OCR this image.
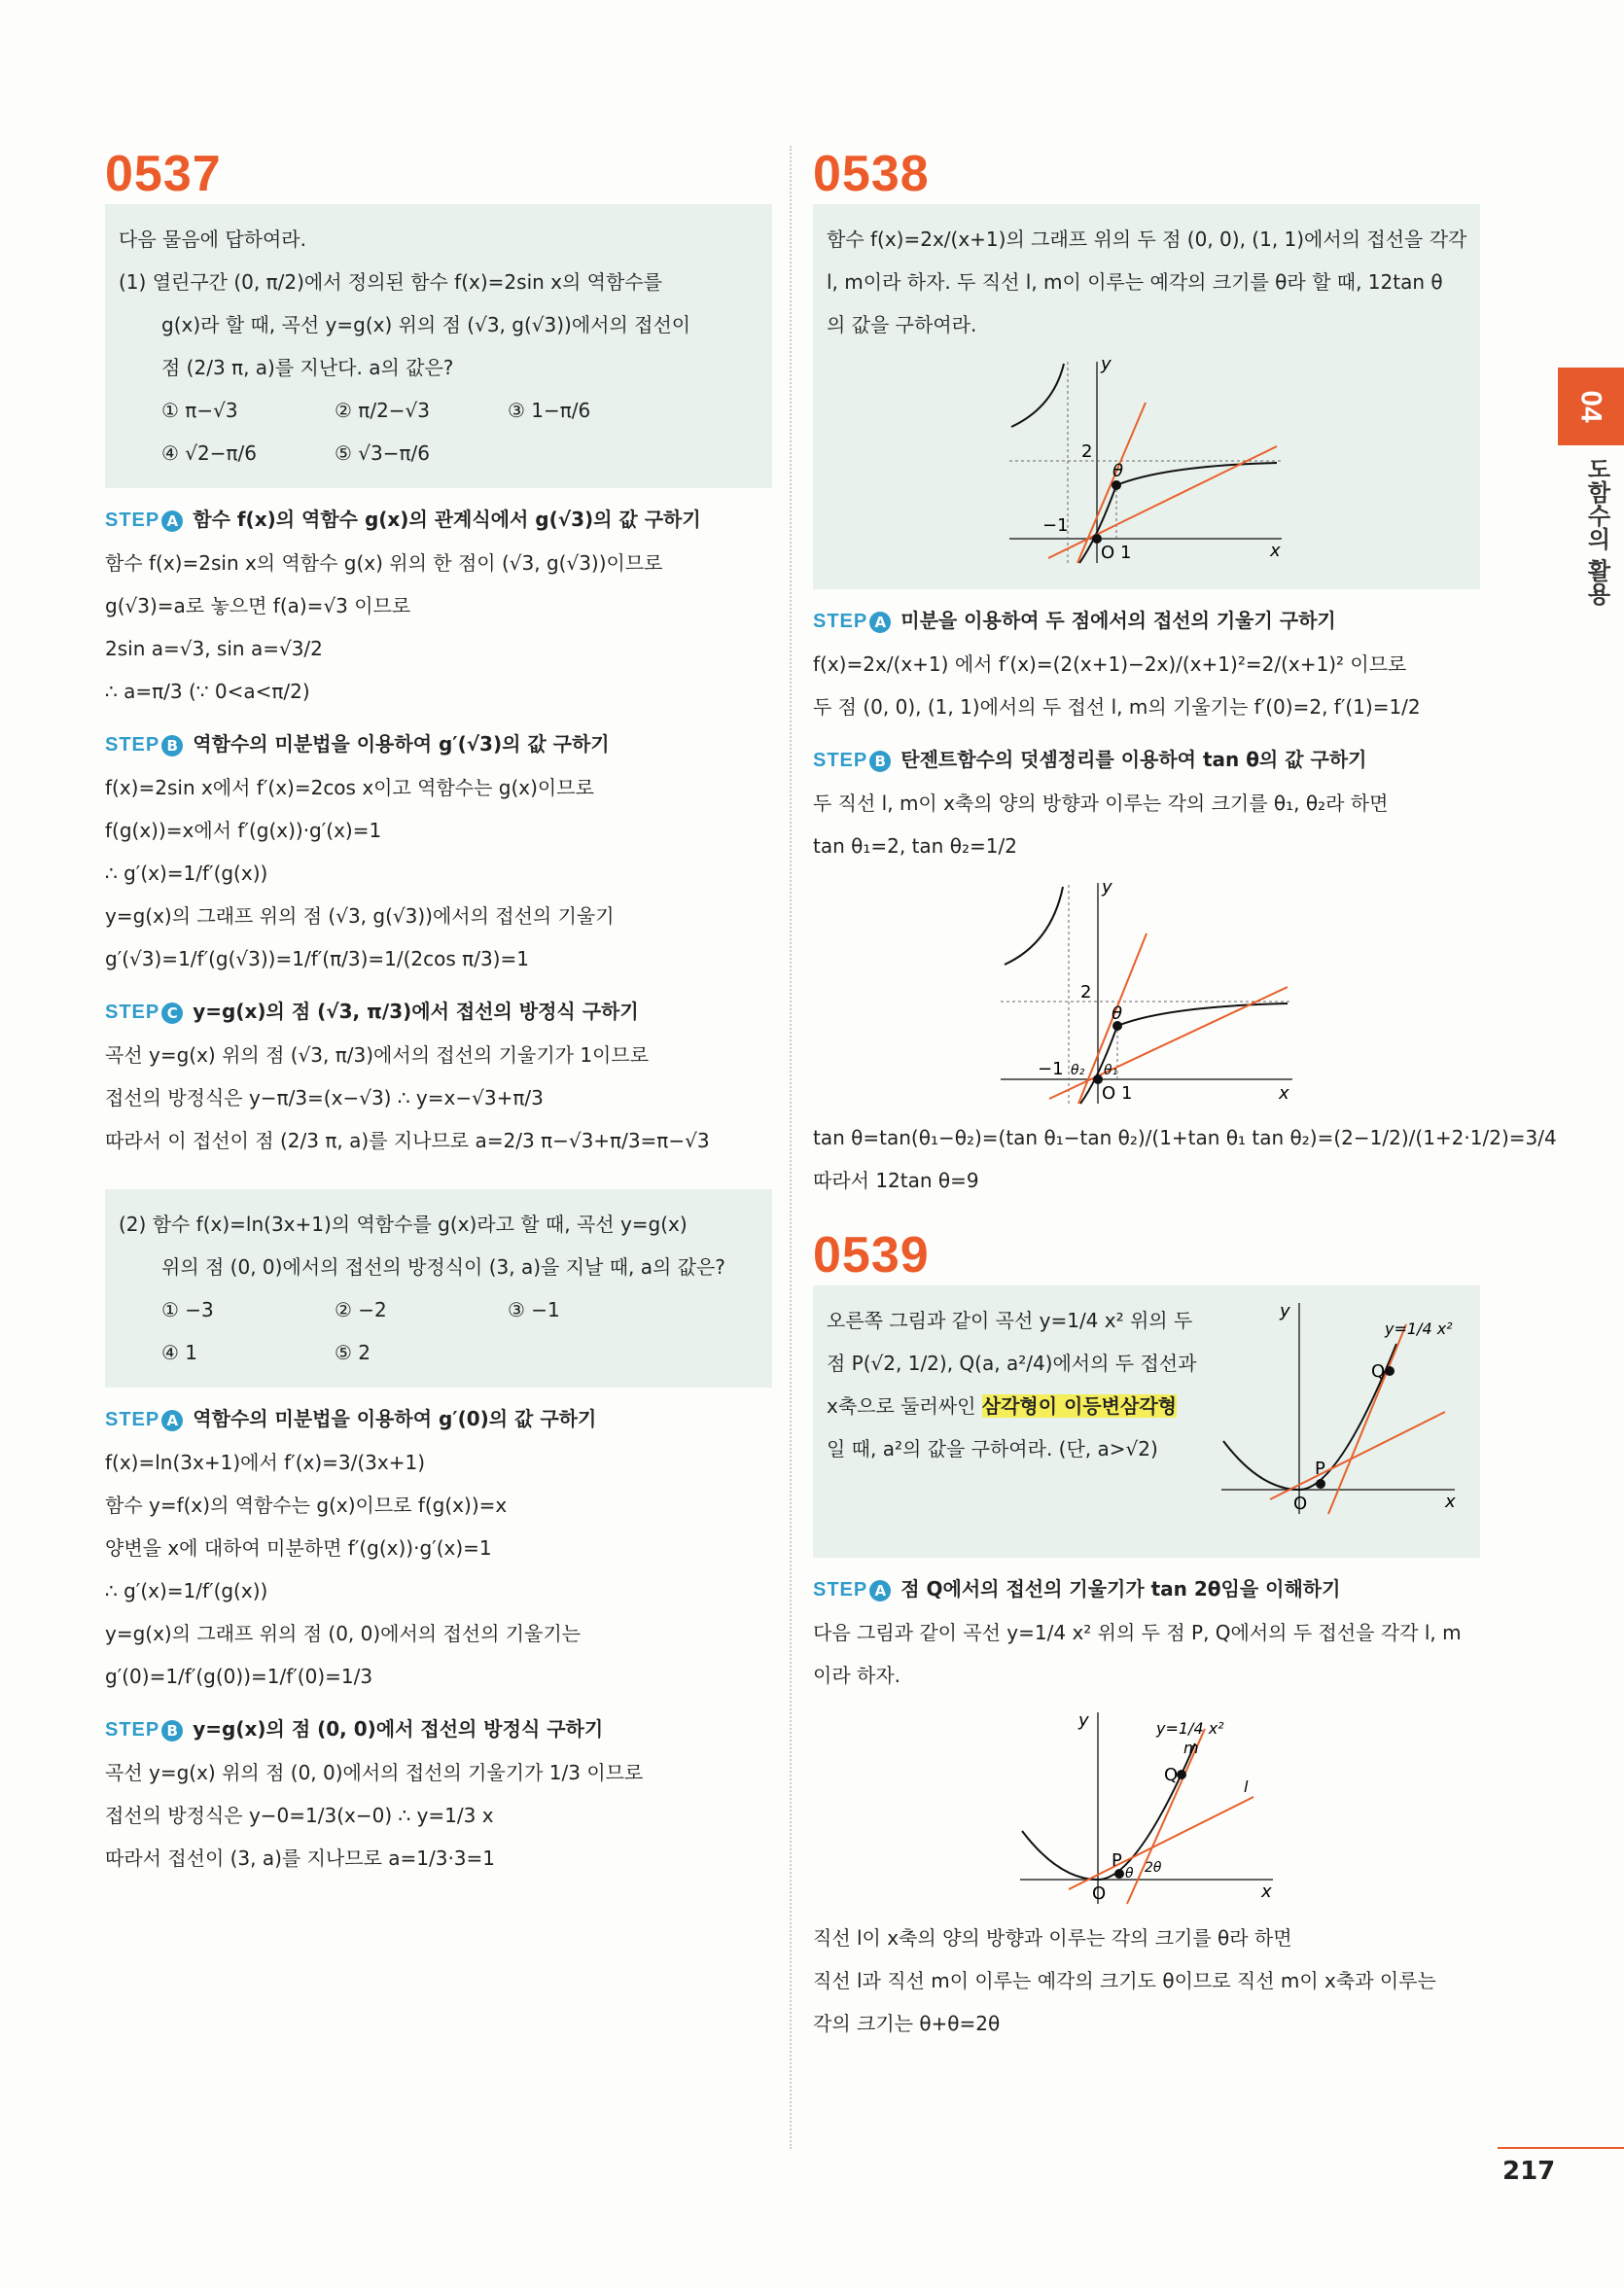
0537
다음 물음에 답하여라.
(1) 열린구간 (0, π/2)에서 정의된 함수 f(x)=2sin x의 역함수를
g(x)라 할 때, 곡선 y=g(x) 위의 점 (√3, g(√3))에서의 접선이
점 (2/3 π, a)를 지난다. a의 값은?
① π−√3	② π/2−√3	③ 1−π/6
④ √2−π/6	⑤ √3−π/6
STEP A 함수 f(x)의 역함수 g(x)의 관계식에서 g(√3)의 값 구하기
함수 f(x)=2sin x의 역함수 g(x) 위의 한 점이 (√3, g(√3))이므로
g(√3)=a로 놓으면 f(a)=√3 이므로
2sin a=√3, sin a=√3/2
∴ a=π/3 (∵ 0<a<π/2)
STEP B 역함수의 미분법을 이용하여 g′(√3)의 값 구하기
f(x)=2sin x에서 f′(x)=2cos x이고 역함수는 g(x)이므로
f(g(x))=x에서 f′(g(x))·g′(x)=1
∴ g′(x)=1/f′(g(x))
y=g(x)의 그래프 위의 점 (√3, g(√3))에서의 접선의 기울기
g′(√3)=1/f′(g(√3))=1/f′(π/3)=1/(2cos π/3)=1
STEP C y=g(x)의 점 (√3, π/3)에서 접선의 방정식 구하기
곡선 y=g(x) 위의 점 (√3, π/3)에서의 접선의 기울기가 1이므로
접선의 방정식은 y−π/3=(x−√3) ∴ y=x−√3+π/3
따라서 이 접선이 점 (2/3 π, a)를 지나므로 a=2/3 π−√3+π/3=π−√3
(2) 함수 f(x)=ln(3x+1)의 역함수를 g(x)라고 할 때, 곡선 y=g(x)
위의 점 (0, 0)에서의 접선의 방정식이 (3, a)을 지날 때, a의 값은?
① −3	② −2	③ −1
④ 1	⑤ 2
STEP A 역함수의 미분법을 이용하여 g′(0)의 값 구하기
f(x)=ln(3x+1)에서 f′(x)=3/(3x+1)
함수 y=f(x)의 역함수는 g(x)이므로 f(g(x))=x
양변을 x에 대하여 미분하면 f′(g(x))·g′(x)=1
∴ g′(x)=1/f′(g(x))
y=g(x)의 그래프 위의 점 (0, 0)에서의 접선의 기울기는
g′(0)=1/f′(g(0))=1/f′(0)=1/3
STEP B y=g(x)의 점 (0, 0)에서 접선의 방정식 구하기
곡선 y=g(x) 위의 점 (0, 0)에서의 접선의 기울기가 1/3 이므로
접선의 방정식은 y−0=1/3(x−0) ∴ y=1/3 x
따라서 접선이 (3, a)를 지나므로 a=1/3·3=1
0538
함수 f(x)=2x/(x+1)의 그래프 위의 두 점 (0, 0), (1, 1)에서의 접선을 각각
l, m이라 하자. 두 직선 l, m이 이루는 예각의 크기를 θ라 할 때, 12tan θ
의 값을 구하여라.
y
x
O 1
−1
2
θ
STEP A 미분을 이용하여 두 점에서의 접선의 기울기 구하기
f(x)=2x/(x+1) 에서 f′(x)=(2(x+1)−2x)/(x+1)²=2/(x+1)² 이므로
두 점 (0, 0), (1, 1)에서의 두 접선 l, m의 기울기는 f′(0)=2, f′(1)=1/2
STEP B 탄젠트함수의 덧셈정리를 이용하여 tan θ의 값 구하기
두 직선 l, m이 x축의 양의 방향과 이루는 각의 크기를 θ₁, θ₂라 하면
tan θ₁=2, tan θ₂=1/2
y
x
O 1
−1
2
θ
θ₂ θ₁
tan θ=tan(θ₁−θ₂)=(tan θ₁−tan θ₂)/(1+tan θ₁ tan θ₂)=(2−1/2)/(1+2·1/2)=3/4
따라서 12tan θ=9
0539
오른쪽 그림과 같이 곡선 y=1/4 x² 위의 두
점 P(√2, 1/2), Q(a, a²/4)에서의 두 접선과
x축으로 둘러싸인 삼각형이 이등변삼각형
일 때, a²의 값을 구하여라. (단, a>√2)
y
x
O
P
Q
y=1/4 x²
STEP A 점 Q에서의 접선의 기울기가 tan 2θ임을 이해하기
다음 그림과 같이 곡선 y=1/4 x² 위의 두 점 P, Q에서의 두 접선을 각각 l, m
이라 하자.
y
x
O
P
Q
m
l
y=1/4 x²
θ 2θ
직선 l이 x축의 양의 방향과 이루는 각의 크기를 θ라 하면
직선 l과 직선 m이 이루는 예각의 크기도 θ이므로 직선 m이 x축과 이루는
각의 크기는 θ+θ=2θ
04
도함수의 활용
217
